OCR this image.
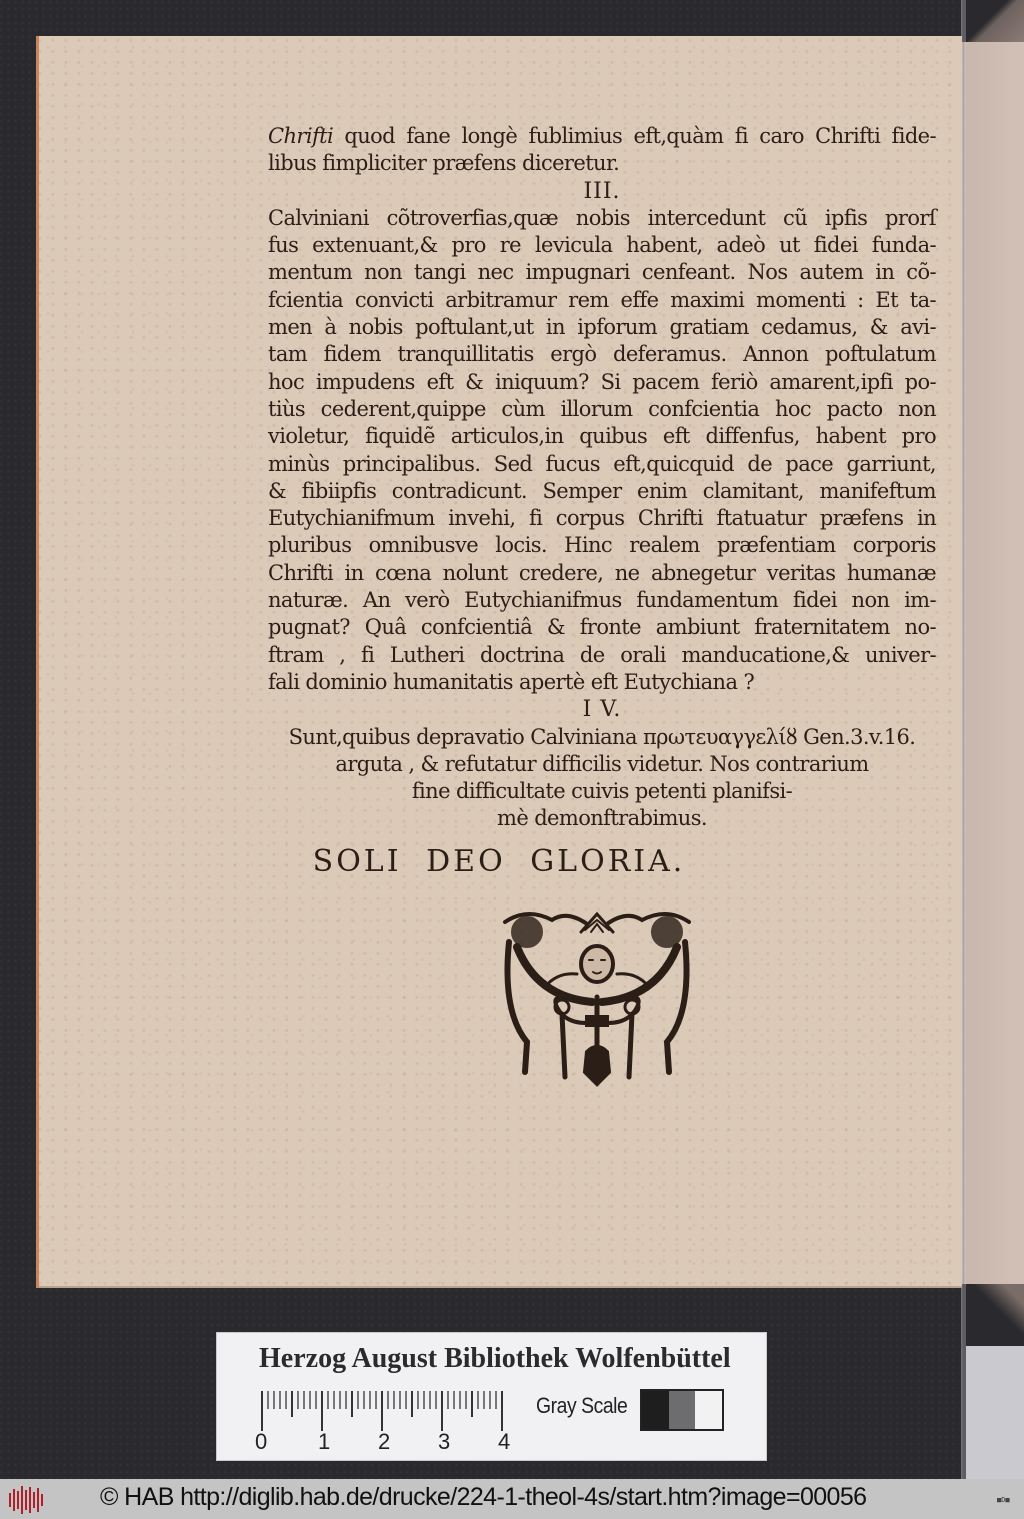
Chrifti quod fane longè fublimius eft,quàm fi caro Chrifti fide-
libus fimpliciter præfens diceretur.
III.
Calviniani cõtroverfias,quæ nobis intercedunt cũ ipfis prorſ
fus extenuant,& pro re levicula habent, adeò ut fidei funda-
mentum non tangi nec impugnari cenfeant. Nos autem in cõ-
fcientia convicti arbitramur rem effe maximi momenti : Et ta-
men à nobis poftulant,ut in ipforum gratiam cedamus, & avi-
tam fidem tranquillitatis ergò deferamus. Annon poftulatum
hoc impudens eft & iniquum? Si pacem feriò amarent,ipfi po-
tiùs cederent,quippe cùm illorum confcientia hoc pacto non
violetur, fiquidẽ articulos,in quibus eft diffenfus, habent pro
minùs principalibus. Sed fucus eft,quicquid de pace garriunt,
& fibiipfis contradicunt. Semper enim clamitant, manifeftum
Eutychianifmum invehi, fi corpus Chrifti ftatuatur præfens in
pluribus omnibusve locis. Hinc realem præfentiam corporis
Chrifti in cœna nolunt credere, ne abnegetur veritas humanæ
naturæ. An verò Eutychianifmus fundamentum fidei non im-
pugnat? Quâ confcientiâ & fronte ambiunt fraternitatem no-
ftram , fi Lutheri doctrina de orali manducatione,& univer-
fali dominio humanitatis apertè eft Eutychiana ?
I V.
Sunt,quibus depravatio Calviniana πρωτευαγγελίȣ Gen.3.v.16.
arguta , & refutatur difficilis videtur. Nos contrarium
fine difficultate cuivis petenti planifsi-
mè demonftrabimus.
SOLI DEO GLORIA.
Herzog August Bibliothek Wolfenbüttel
0 1 2 3 4
Gray Scale
© HAB http://diglib.hab.de/drucke/224-1-theol-4s/start.htm?image=00056	■D■
